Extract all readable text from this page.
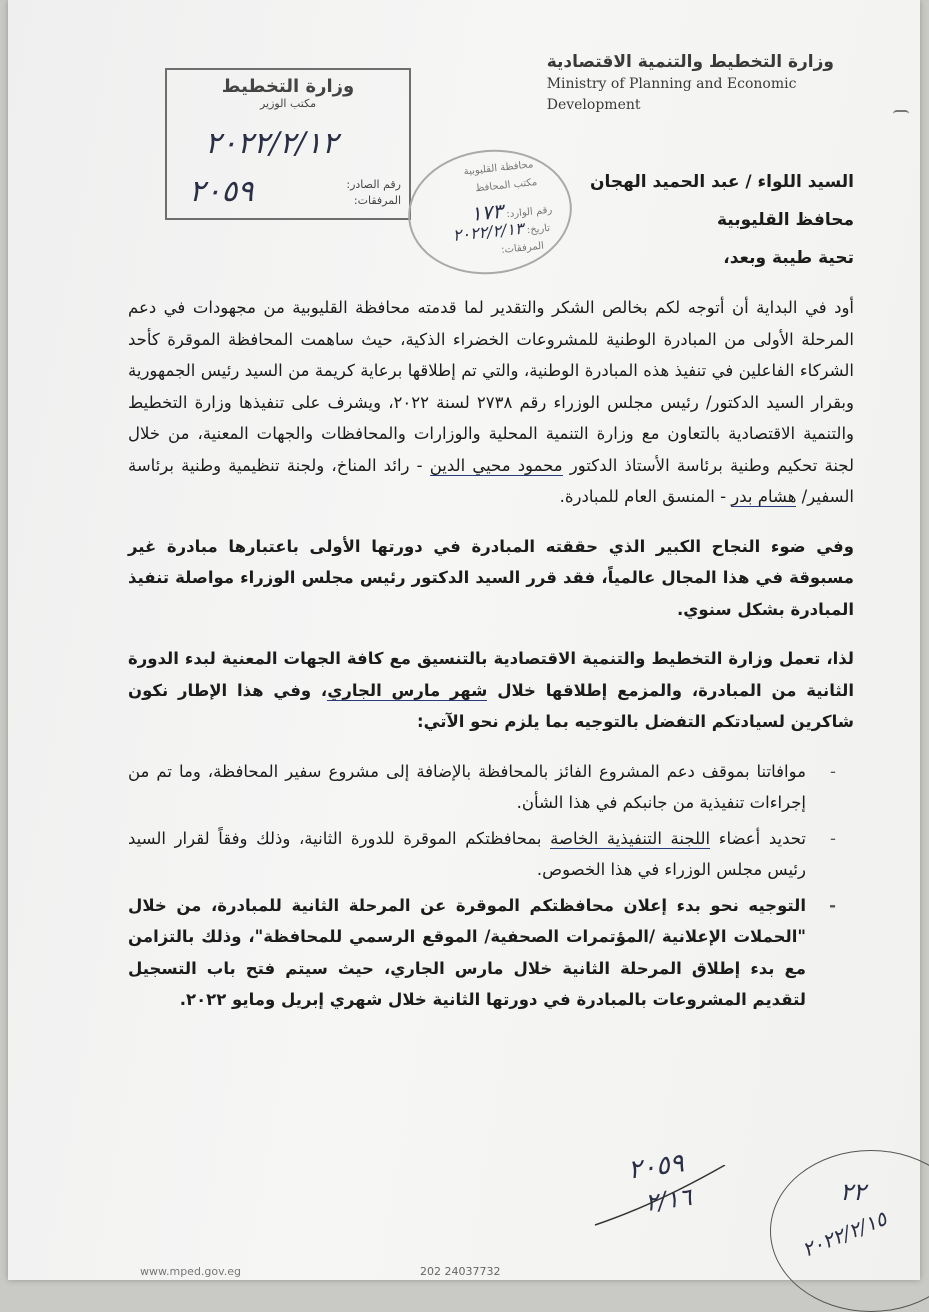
وزارة التخطيط والتنمية الاقتصادية
Ministry of Planning and Economic
Development
وزارة التخطيط
مكتب الوزير
٢٠٢٢/٢/١٢
رقم الصادر:
المرفقات:
٢٠٥٩
محافظة القليوبية
مكتب المحافظ
رقم الوارد: ١٧٣
تاريخ: ٢٠٢٢/٢/١٣
المرفقات:
السيد اللواء / عبد الحميد الهجان
محافظ القليوبية
تحية طيبة وبعد،

أود في البداية أن أتوجه لكم بخالص الشكر والتقدير لما قدمته محافظة القليوبية من مجهودات في دعم المرحلة الأولى من المبادرة الوطنية للمشروعات الخضراء الذكية، حيث ساهمت المحافظة الموقرة كأحد الشركاء الفاعلين في تنفيذ هذه المبادرة الوطنية، والتي تم إطلاقها برعاية كريمة من السيد رئيس الجمهورية وبقرار السيد الدكتور/ رئيس مجلس الوزراء رقم ٢٧٣٨ لسنة ٢٠٢٢، ويشرف على تنفيذها وزارة التخطيط والتنمية الاقتصادية بالتعاون مع وزارة التنمية المحلية والوزارات والمحافظات والجهات المعنية، من خلال لجنة تحكيم وطنية برئاسة الأستاذ الدكتور محمود محيي الدين - رائد المناخ، ولجنة تنظيمية وطنية برئاسة السفير/ هشام بدر - المنسق العام للمبادرة.

وفي ضوء النجاح الكبير الذي حققته المبادرة في دورتها الأولى باعتبارها مبادرة غير مسبوقة في هذا المجال عالمياً، فقد قرر السيد الدكتور رئيس مجلس الوزراء مواصلة تنفيذ المبادرة بشكل سنوي.

لذا، تعمل وزارة التخطيط والتنمية الاقتصادية بالتنسيق مع كافة الجهات المعنية لبدء الدورة الثانية من المبادرة، والمزمع إطلاقها خلال شهر مارس الجاري، وفي هذا الإطار نكون شاكرين لسيادتكم التفضل بالتوجيه بما يلزم نحو الآتي:

- موافاتنا بموقف دعم المشروع الفائز بالمحافظة بالإضافة إلى مشروع سفير المحافظة، وما تم من إجراءات تنفيذية من جانبكم في هذا الشأن.

- تحديد أعضاء اللجنة التنفيذية الخاصة بمحافظتكم الموقرة للدورة الثانية، وذلك وفقاً لقرار السيد رئيس مجلس الوزراء في هذا الخصوص.

- التوجيه نحو بدء إعلان محافظتكم الموقرة عن المرحلة الثانية للمبادرة، من خلال "الحملات الإعلانية /المؤتمرات الصحفية/ الموقع الرسمي للمحافظة"، وذلك بالتزامن مع بدء إطلاق المرحلة الثانية خلال مارس الجاري، حيث سيتم فتح باب التسجيل لتقديم المشروعات بالمبادرة في دورتها الثانية خلال شهري إبريل ومايو ٢٠٢٢.

٢٠٥٩
٢/١٦	٢٢
٢٠٢٢/٢/١٥
www.mped.gov.eg	202 24037732
